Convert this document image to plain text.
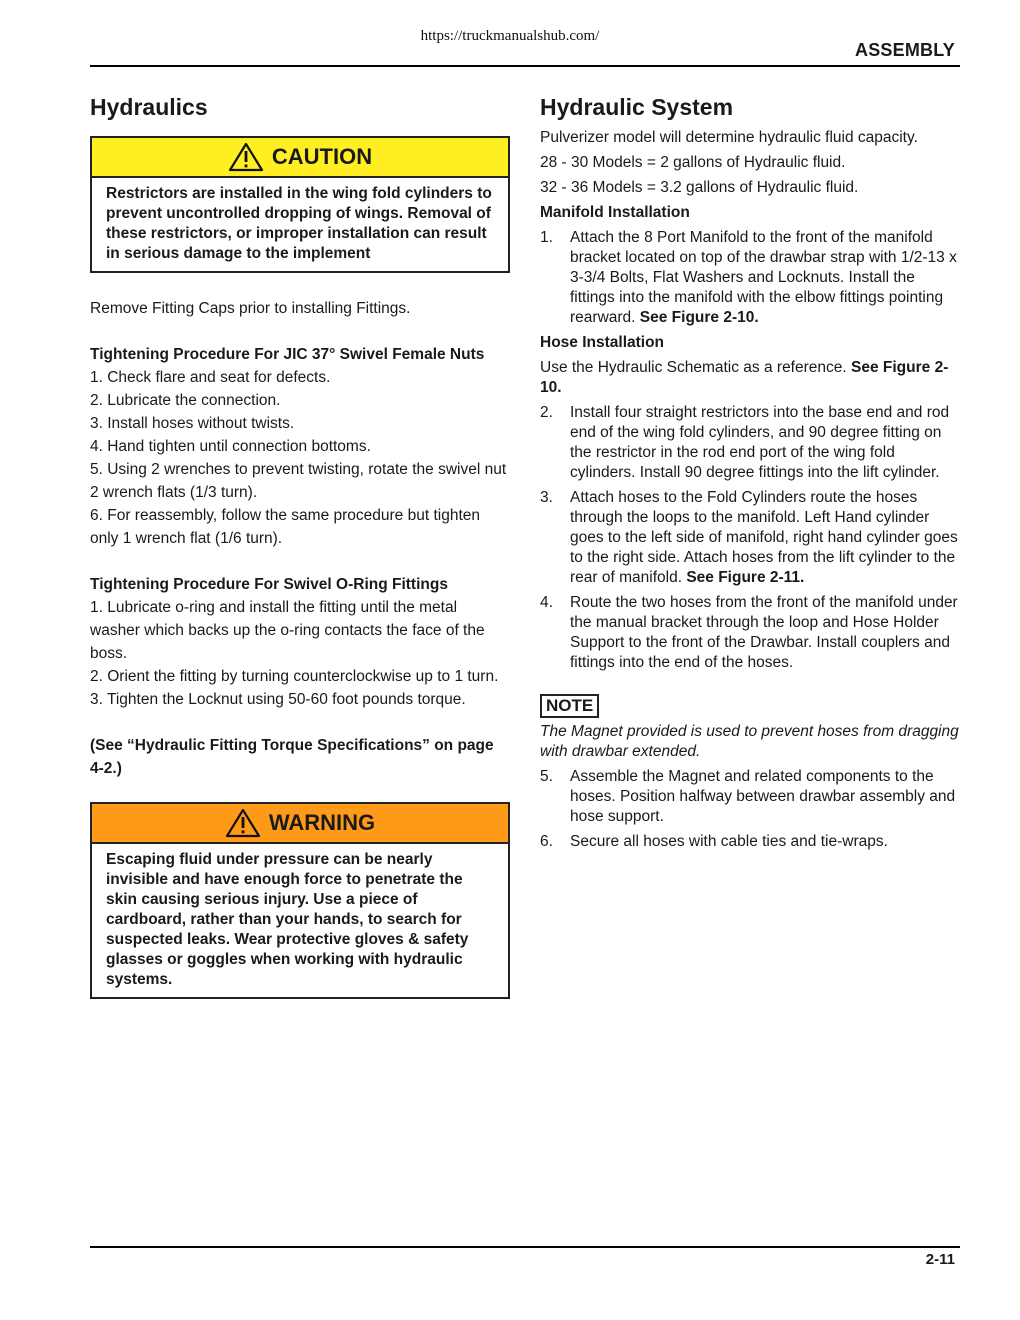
https://truckmanualshub.com/
ASSEMBLY
Hydraulics
CAUTION
Restrictors are installed in the wing fold cylinders to prevent uncontrolled dropping of wings. Removal of these restrictors, or improper installation can result in serious damage to the implement

Remove Fitting Caps prior to installing Fittings.

Tightening Procedure For JIC 37° Swivel Female Nuts

1. Check flare and seat for defects.

2. Lubricate the connection.

3. Install hoses without twists.

4. Hand tighten until connection bottoms.

5. Using 2 wrenches to prevent twisting, rotate the swivel nut 2 wrench flats (1/3 turn).

6. For reassembly, follow the same procedure but tighten only 1 wrench flat (1/6 turn).

Tightening Procedure For Swivel O-Ring Fittings

1. Lubricate o-ring and install the fitting until the metal washer which backs up the o-ring contacts the face of the boss.

2. Orient the fitting by turning counterclockwise up to 1 turn.

3. Tighten the Locknut using 50-60 foot pounds torque.

(See “Hydraulic Fitting Torque Specifications” on page 4-2.)

WARNING
Escaping fluid under pressure can be nearly invisible and have enough force to penetrate the skin causing serious injury. Use a piece of cardboard, rather than your hands, to search for suspected leaks. Wear protective gloves & safety glasses or goggles when working with hydraulic systems.
Hydraulic System

Pulverizer model will determine hydraulic fluid capacity.

28 - 30 Models = 2 gallons of Hydraulic fluid.

32 - 36 Models = 3.2 gallons of Hydraulic fluid.

Manifold Installation

1.	Attach the 8 Port Manifold to the front of the manifold bracket located on top of the drawbar strap with 1/2-13 x 3-3/4 Bolts, Flat Washers and Locknuts. Install the fittings into the manifold with the elbow fittings pointing rearward. See Figure 2-10.

Hose Installation

Use the Hydraulic Schematic as a reference. See Figure 2-10.

2.	Install four straight restrictors into the base end and rod end of the wing fold cylinders, and 90 degree fitting on the restrictor in the rod end port of the wing fold cylinders. Install 90 degree fittings into the lift cylinder.
3.	Attach hoses to the Fold Cylinders route the hoses through the loops to the manifold. Left Hand cylinder goes to the left side of manifold, right hand cylinder goes to the right side. Attach hoses from the lift cylinder to the rear of manifold. See Figure 2-11.
4.	Route the two hoses from the front of the manifold under the manual bracket through the loop and Hose Holder Support to the front of the Drawbar. Install couplers and fittings into the end of the hoses.
NOTE

The Magnet provided is used to prevent hoses from dragging with drawbar extended.

5.	Assemble the Magnet and related components to the hoses. Position halfway between drawbar assembly and hose support.
6.	Secure all hoses with cable ties and tie-wraps.
2-11
